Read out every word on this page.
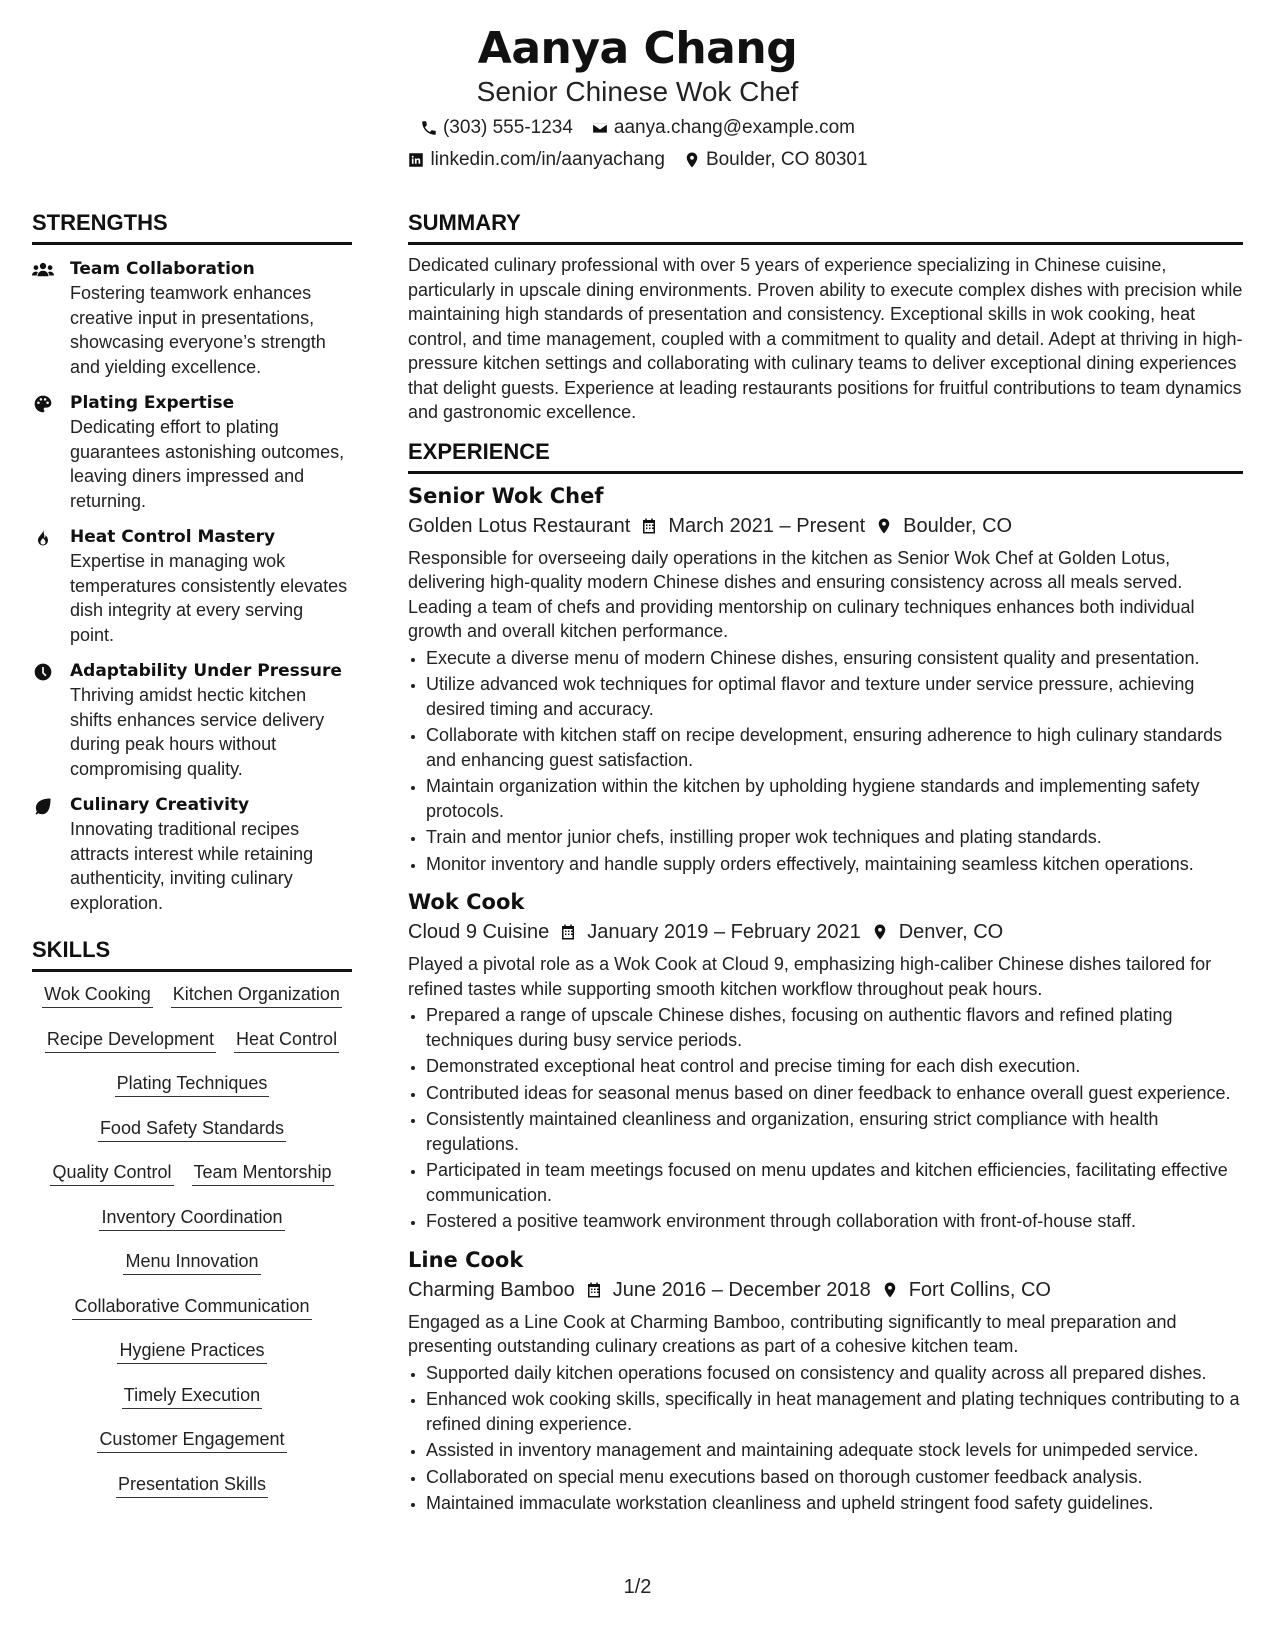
Aanya Chang
Senior Chinese Wok Chef
(303) 555-1234 aanya.chang@example.com
linkedin.com/in/aanyachang Boulder, CO 80301
STRENGTHS
Team Collaboration
Fostering teamwork enhances creative input in presentations, showcasing everyone’s strength and yielding excellence.
Plating Expertise
Dedicating effort to plating guarantees astonishing outcomes, leaving diners impressed and returning.
Heat Control Mastery
Expertise in managing wok temperatures consistently elevates dish integrity at every serving point.
Adaptability Under Pressure
Thriving amidst hectic kitchen shifts enhances service delivery during peak hours without compromising quality.
Culinary Creativity
Innovating traditional recipes attracts interest while retaining authenticity, inviting culinary exploration.
SKILLS
Wok Cooking Kitchen Organization
Recipe Development Heat Control
Plating Techniques
Food Safety Standards
Quality Control Team Mentorship
Inventory Coordination
Menu Innovation
Collaborative Communication
Hygiene Practices
Timely Execution
Customer Engagement
Presentation Skills
SUMMARY
Dedicated culinary professional with over 5 years of experience specializing in Chinese cuisine, particularly in upscale dining environments. Proven ability to execute complex dishes with precision while maintaining high standards of presentation and consistency. Exceptional skills in wok cooking, heat control, and time management, coupled with a commitment to quality and detail. Adept at thriving in high-pressure kitchen settings and collaborating with culinary teams to deliver exceptional dining experiences that delight guests. Experience at leading restaurants positions for fruitful contributions to team dynamics and gastronomic excellence.
EXPERIENCE
Senior Wok Chef
Golden Lotus Restaurant March 2021 – Present Boulder, CO
Responsible for overseeing daily operations in the kitchen as Senior Wok Chef at Golden Lotus, delivering high-quality modern Chinese dishes and ensuring consistency across all meals served. Leading a team of chefs and providing mentorship on culinary techniques enhances both individual growth and overall kitchen performance.
• Execute a diverse menu of modern Chinese dishes, ensuring consistent quality and presentation.
• Utilize advanced wok techniques for optimal flavor and texture under service pressure, achieving desired timing and accuracy.
• Collaborate with kitchen staff on recipe development, ensuring adherence to high culinary standards and enhancing guest satisfaction.
• Maintain organization within the kitchen by upholding hygiene standards and implementing safety protocols.
• Train and mentor junior chefs, instilling proper wok techniques and plating standards.
• Monitor inventory and handle supply orders effectively, maintaining seamless kitchen operations.
Wok Cook
Cloud 9 Cuisine January 2019 – February 2021 Denver, CO
Played a pivotal role as a Wok Cook at Cloud 9, emphasizing high-caliber Chinese dishes tailored for refined tastes while supporting smooth kitchen workflow throughout peak hours.
• Prepared a range of upscale Chinese dishes, focusing on authentic flavors and refined plating techniques during busy service periods.
• Demonstrated exceptional heat control and precise timing for each dish execution.
• Contributed ideas for seasonal menus based on diner feedback to enhance overall guest experience.
• Consistently maintained cleanliness and organization, ensuring strict compliance with health regulations.
• Participated in team meetings focused on menu updates and kitchen efficiencies, facilitating effective communication.
• Fostered a positive teamwork environment through collaboration with front-of-house staff.
Line Cook
Charming Bamboo June 2016 – December 2018 Fort Collins, CO
Engaged as a Line Cook at Charming Bamboo, contributing significantly to meal preparation and presenting outstanding culinary creations as part of a cohesive kitchen team.
• Supported daily kitchen operations focused on consistency and quality across all prepared dishes.
• Enhanced wok cooking skills, specifically in heat management and plating techniques contributing to a refined dining experience.
• Assisted in inventory management and maintaining adequate stock levels for unimpeded service.
• Collaborated on special menu executions based on thorough customer feedback analysis.
• Maintained immaculate workstation cleanliness and upheld stringent food safety guidelines.
1/2
